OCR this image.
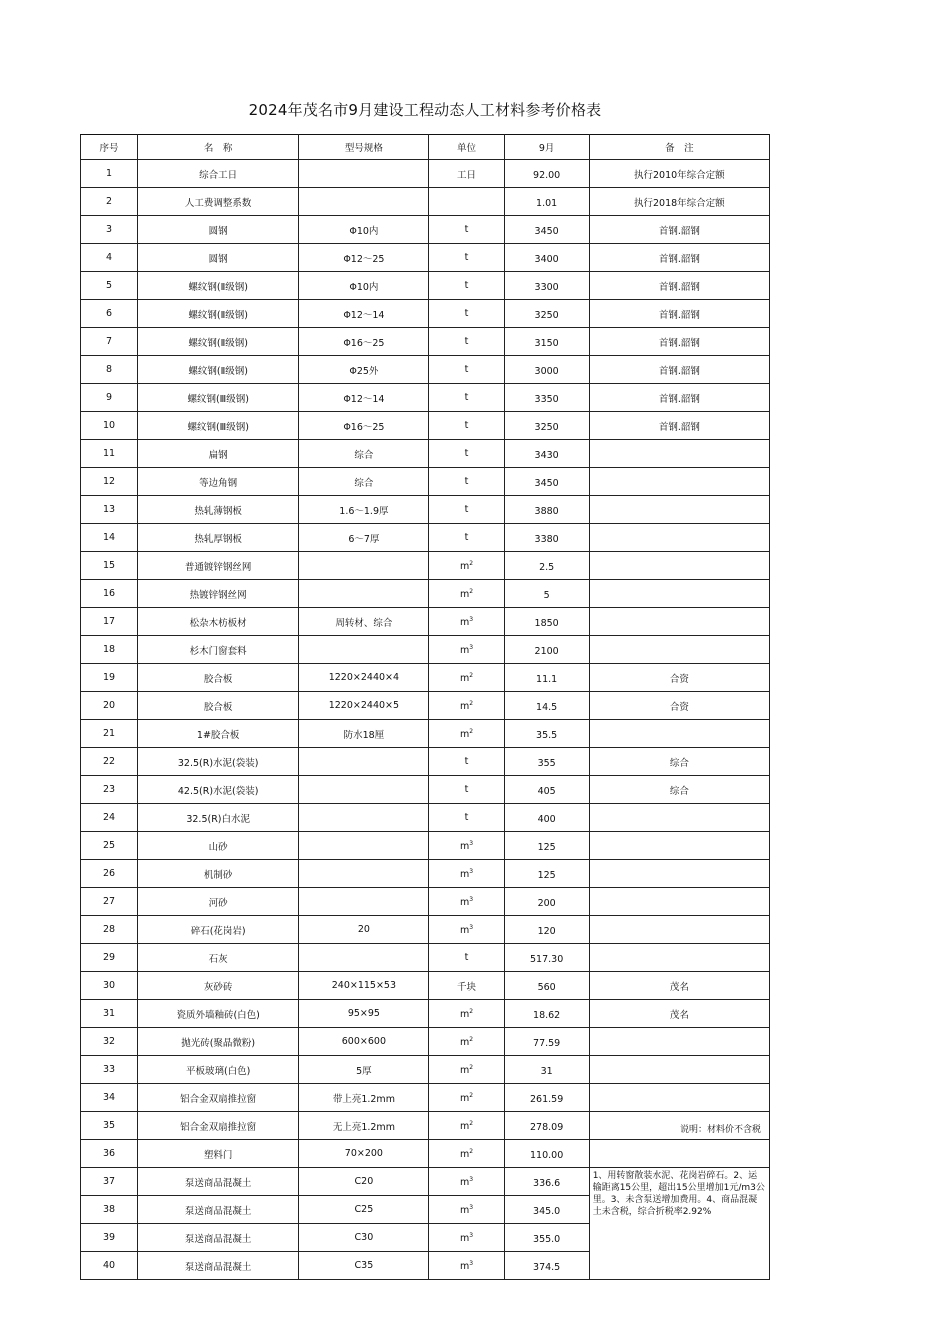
2024年茂名市9月建设工程动态人工材料参考价格表
序号	名　称	型号规格	单位	9月	备　注
1	综合工日		工日	92.00	执行2010年综合定额
2	人工费调整系数			1.01	执行2018年综合定额
3	圆钢	Φ10内	t	3450	首钢.韶钢
4	圆钢	Φ12～25	t	3400	首钢.韶钢
5	螺纹钢(Ⅱ级钢)	Φ10内	t	3300	首钢.韶钢
6	螺纹钢(Ⅱ级钢)	Φ12～14	t	3250	首钢.韶钢
7	螺纹钢(Ⅱ级钢)	Φ16～25	t	3150	首钢.韶钢
8	螺纹钢(Ⅱ级钢)	Φ25外	t	3000	首钢.韶钢
9	螺纹钢(Ⅲ级钢)	Φ12～14	t	3350	首钢.韶钢
10	螺纹钢(Ⅲ级钢)	Φ16～25	t	3250	首钢.韶钢
11	扁钢	综合	t	3430	
12	等边角钢	综合	t	3450	
13	热轧薄钢板	1.6～1.9厚	t	3880	
14	热轧厚钢板	6～7厚	t	3380	
15	普通镀锌钢丝网		$m^2$	2.5	
16	热镀锌钢丝网		$m^2$	5	
17	松杂木枋板材	周转材、综合	$m^3$	1850	
18	杉木门窗套料		$m^3$	2100	
19	胶合板	1220×2440×4	$m^2$	11.1	合资
20	胶合板	1220×2440×5	$m^2$	14.5	合资
21	1#胶合板	防水18厘	$m^2$	35.5	
22	32.5(R)水泥(袋装)		t	355	综合
23	42.5(R)水泥(袋装)		t	405	综合
24	32.5(R)白水泥		t	400	
25	山砂		$m^3$	125	
26	机制砂		$m^3$	125	
27	河砂		$m^3$	200	
28	碎石(花岗岩)	20	$m^3$	120	
29	石灰		t	517.30	
30	灰砂砖	240×115×53	千块	560	茂名
31	瓷质外墙釉砖(白色)	95×95	$m^2$	18.62	茂名
32	抛光砖(聚晶微粉)	600×600	$m^2$	77.59	
33	平板玻璃(白色)	5厚	$m^2$	31	
34	铝合金双扇推拉窗	带上亮1.2mm	$m^2$	261.59	
35	铝合金双扇推拉窗	无上亮1.2mm	$m^2$	278.09	
36	塑料门	70×200	$m^2$	110.00	
37	泵送商品混凝土	C20	$m^3$	336.6	1、用转窗散装水泥、花岗岩碎石。2、运输距离15公里，超出15公里增加1元/m3公里。3、未含泵送增加费用。4、商品混凝土未含税，综合折税率2.92%
38	泵送商品混凝土	C25	$m^3$	345.0	
39	泵送商品混凝土	C30	$m^3$	355.0	
40	泵送商品混凝土	C35	$m^3$	374.5	
说明：材料价不含税
